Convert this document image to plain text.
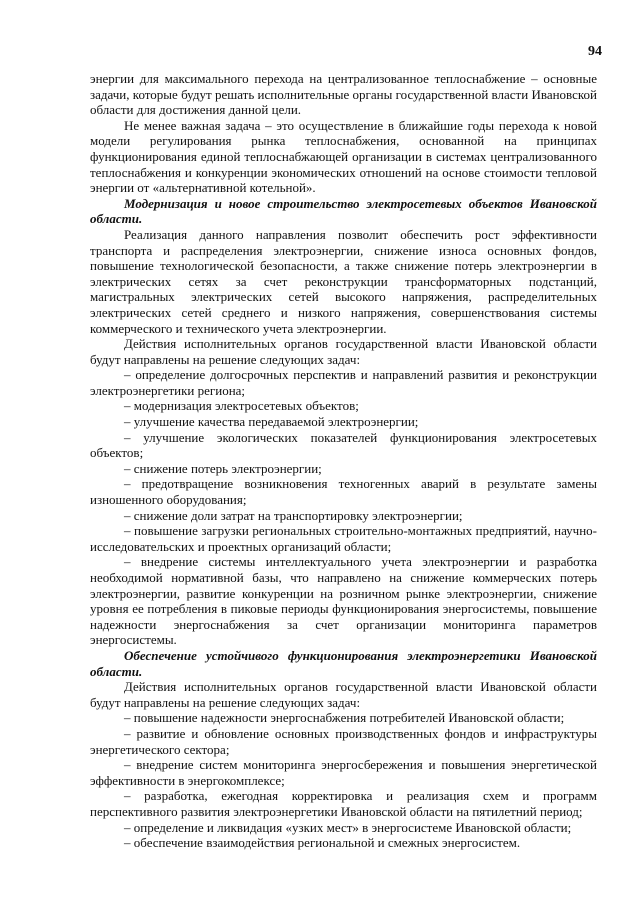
94

энергии для максимального перехода на централизованное теплоснабжение – основные задачи, которые будут решать исполнительные органы государственной власти Ивановской области для достижения данной цели.

Не менее важная задача – это осуществление в ближайшие годы перехода к новой модели регулирования рынка теплоснабжения, основанной на принципах функционирования единой теплоснабжающей организации в системах централизованного теплоснабжения и конкуренции экономических отношений на основе стоимости тепловой энергии от «альтернативной котельной».

Модернизация и новое строительство электросетевых объектов Ивановской области.

Реализация данного направления позволит обеспечить рост эффективности транспорта и распределения электроэнергии, снижение износа основных фондов, повышение технологической безопасности, а также снижение потерь электроэнергии в электрических сетях за счет реконструкции трансформаторных подстанций, магистральных электрических сетей высокого напряжения, распределительных электрических сетей среднего и низкого напряжения, совершенствования системы коммерческого и технического учета электроэнергии.

Действия исполнительных органов государственной власти Ивановской области будут направлены на решение следующих задач:

– определение долгосрочных перспектив и направлений развития и реконструкции электроэнергетики региона;

– модернизация электросетевых объектов;

– улучшение качества передаваемой электроэнергии;

– улучшение экологических показателей функционирования электросетевых объектов;

– снижение потерь электроэнергии;

– предотвращение возникновения техногенных аварий в результате замены изношенного оборудования;

– снижение доли затрат на транспортировку электроэнергии;

– повышение загрузки региональных строительно-монтажных предприятий, научно-исследовательских и проектных организаций области;

– внедрение системы интеллектуального учета электроэнергии и разработка необходимой нормативной базы, что направлено на снижение коммерческих потерь электроэнергии, развитие конкуренции на розничном рынке электроэнергии, снижение уровня ее потребления в пиковые периоды функционирования энергосистемы, повышение надежности энергоснабжения за счет организации мониторинга параметров энергосистемы.

Обеспечение устойчивого функционирования электроэнергетики Ивановской области.

Действия исполнительных органов государственной власти Ивановской области будут направлены на решение следующих задач:

– повышение надежности энергоснабжения потребителей Ивановской области;

– развитие и обновление основных производственных фондов и инфраструктуры энергетического сектора;

– внедрение систем мониторинга энергосбережения и повышения энергетической эффективности в энергокомплексе;

– разработка, ежегодная корректировка и реализация схем и программ перспективного развития электроэнергетики Ивановской области на пятилетний период;

– определение и ликвидация «узких мест» в энергосистеме Ивановской области;

– обеспечение взаимодействия региональной и смежных энергосистем.
